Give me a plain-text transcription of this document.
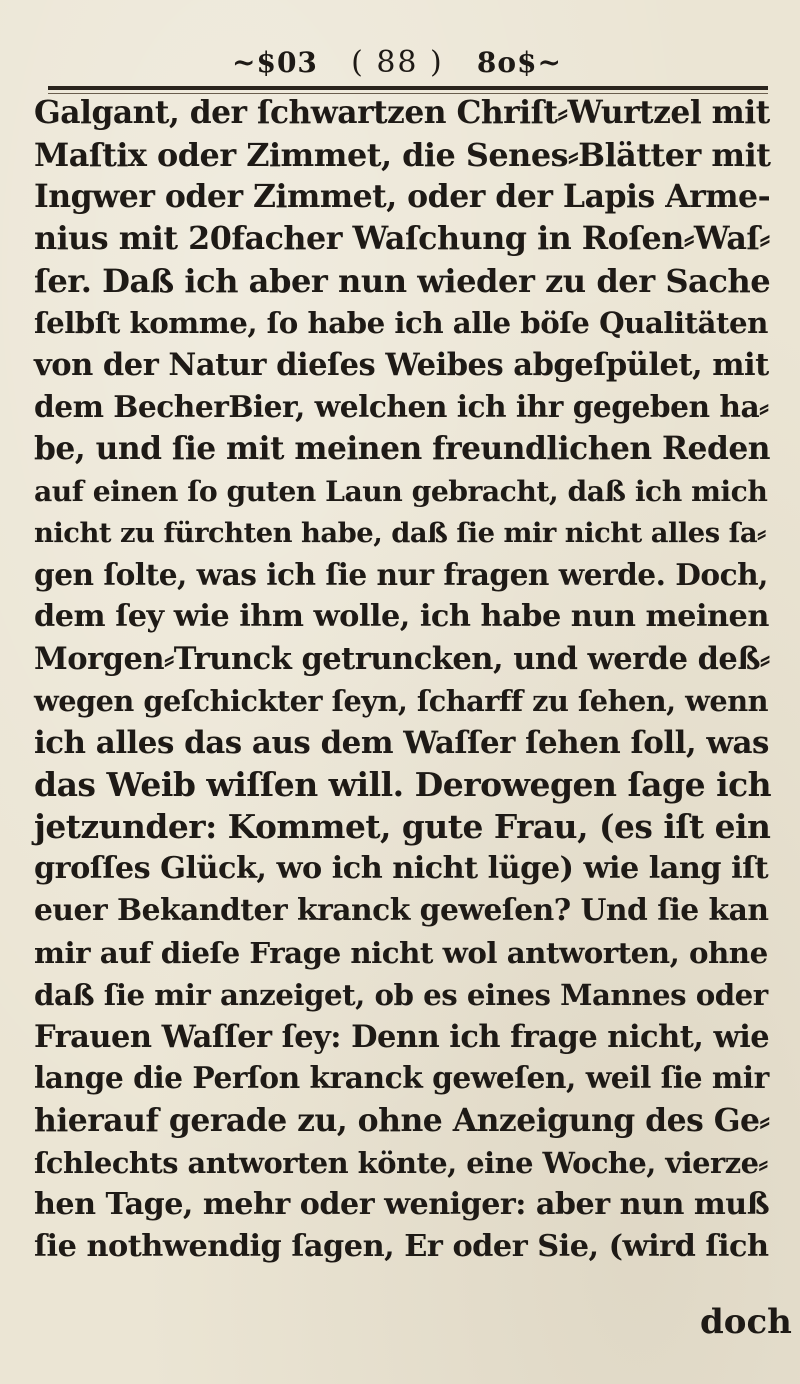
~$03 ( 88 ) 8o$~
Galgant, der ſchwartzen Chriſt⸗Wurtzel mit
Maſtix oder Zimmet, die Senes⸗Blätter mit
Ingwer oder Zimmet, oder der Lapis Arme-
nius mit 20facher Waſchung in Roſen⸗Waſ⸗
ſer. Daß ich aber nun wieder zu der Sache
ſelbſt komme, ſo habe ich alle böſe Qualitäten
von der Natur dieſes Weibes abgeſpület, mit
dem BecherBier, welchen ich ihr gegeben ha⸗
be, und ſie mit meinen freundlichen Reden
auf einen ſo guten Laun gebracht, daß ich mich
nicht zu fürchten habe, daß ſie mir nicht alles ſa⸗
gen ſolte, was ich ſie nur fragen werde. Doch,
dem ſey wie ihm wolle, ich habe nun meinen
Morgen⸗Trunck getruncken, und werde deß⸗
wegen geſchickter ſeyn, ſcharff zu ſehen, wenn
ich alles das aus dem Waſſer ſehen ſoll, was
das Weib wiſſen will. Derowegen ſage ich
jetzunder: Kommet, gute Frau, (es iſt ein
groſſes Glück, wo ich nicht lüge) wie lang iſt
euer Bekandter kranck geweſen? Und ſie kan
mir auf dieſe Frage nicht wol antworten, ohne
daß ſie mir anzeiget, ob es eines Mannes oder
Frauen Waſſer ſey: Denn ich frage nicht, wie
lange die Perſon kranck geweſen, weil ſie mir
hierauf gerade zu, ohne Anzeigung des Ge⸗
ſchlechts antworten könte, eine Woche, vierze⸗
hen Tage, mehr oder weniger: aber nun muß
ſie nothwendig ſagen, Er oder Sie, (wird ſich
doch
